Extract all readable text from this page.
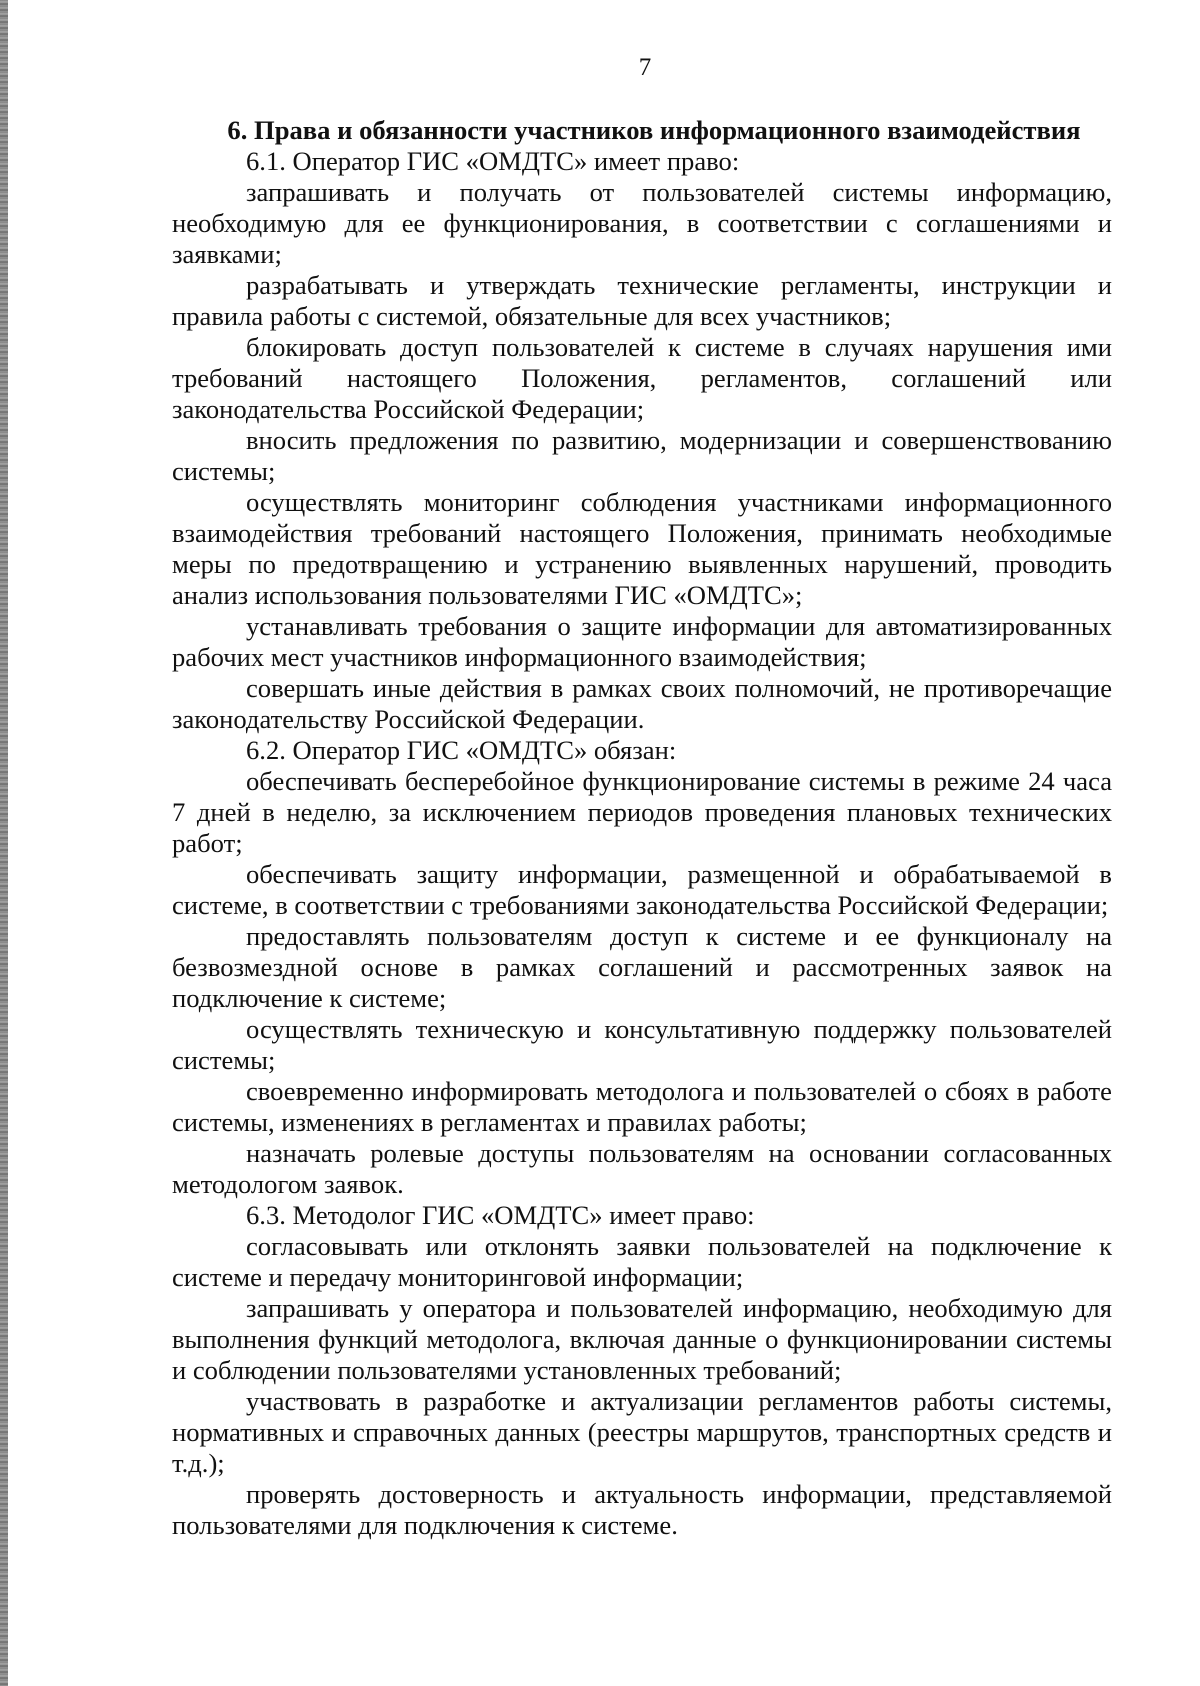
7

6. Права и обязанности участников информационного взаимодействия

6.1. Оператор ГИС «ОМДТС» имеет право:

запрашивать и получать от пользователей системы информацию, необходимую для ее функционирования, в соответствии с соглашениями и заявками;

разрабатывать и утверждать технические регламенты, инструкции и правила работы с системой, обязательные для всех участников;

блокировать доступ пользователей к системе в случаях нарушения ими требований настоящего Положения, регламентов, соглашений или законодательства Российской Федерации;

вносить предложения по развитию, модернизации и совершенствованию системы;

осуществлять мониторинг соблюдения участниками информационного взаимодействия требований настоящего Положения, принимать необходимые меры по предотвращению и устранению выявленных нарушений, проводить анализ использования пользователями ГИС «ОМДТС»;

устанавливать требования о защите информации для автоматизированных рабочих мест участников информационного взаимодействия;

совершать иные действия в рамках своих полномочий, не противоречащие законодательству Российской Федерации.

6.2. Оператор ГИС «ОМДТС» обязан:

обеспечивать бесперебойное функционирование системы в режиме 24 часа 7 дней в неделю, за исключением периодов проведения плановых технических работ;

обеспечивать защиту информации, размещенной и обрабатываемой в системе, в соответствии с требованиями законодательства Российской Федерации;

предоставлять пользователям доступ к системе и ее функционалу на безвозмездной основе в рамках соглашений и рассмотренных заявок на подключение к системе;

осуществлять техническую и консультативную поддержку пользователей системы;

своевременно информировать методолога и пользователей о сбоях в работе системы, изменениях в регламентах и правилах работы;

назначать ролевые доступы пользователям на основании согласованных методологом заявок.

6.3. Методолог ГИС «ОМДТС» имеет право:

согласовывать или отклонять заявки пользователей на подключение к системе и передачу мониторинговой информации;

запрашивать у оператора и пользователей информацию, необходимую для выполнения функций методолога, включая данные о функционировании системы и соблюдении пользователями установленных требований;

участвовать в разработке и актуализации регламентов работы системы, нормативных и справочных данных (реестры маршрутов, транспортных средств и т.д.);

проверять достоверность и актуальность информации, представляемой пользователями для подключения к системе.
